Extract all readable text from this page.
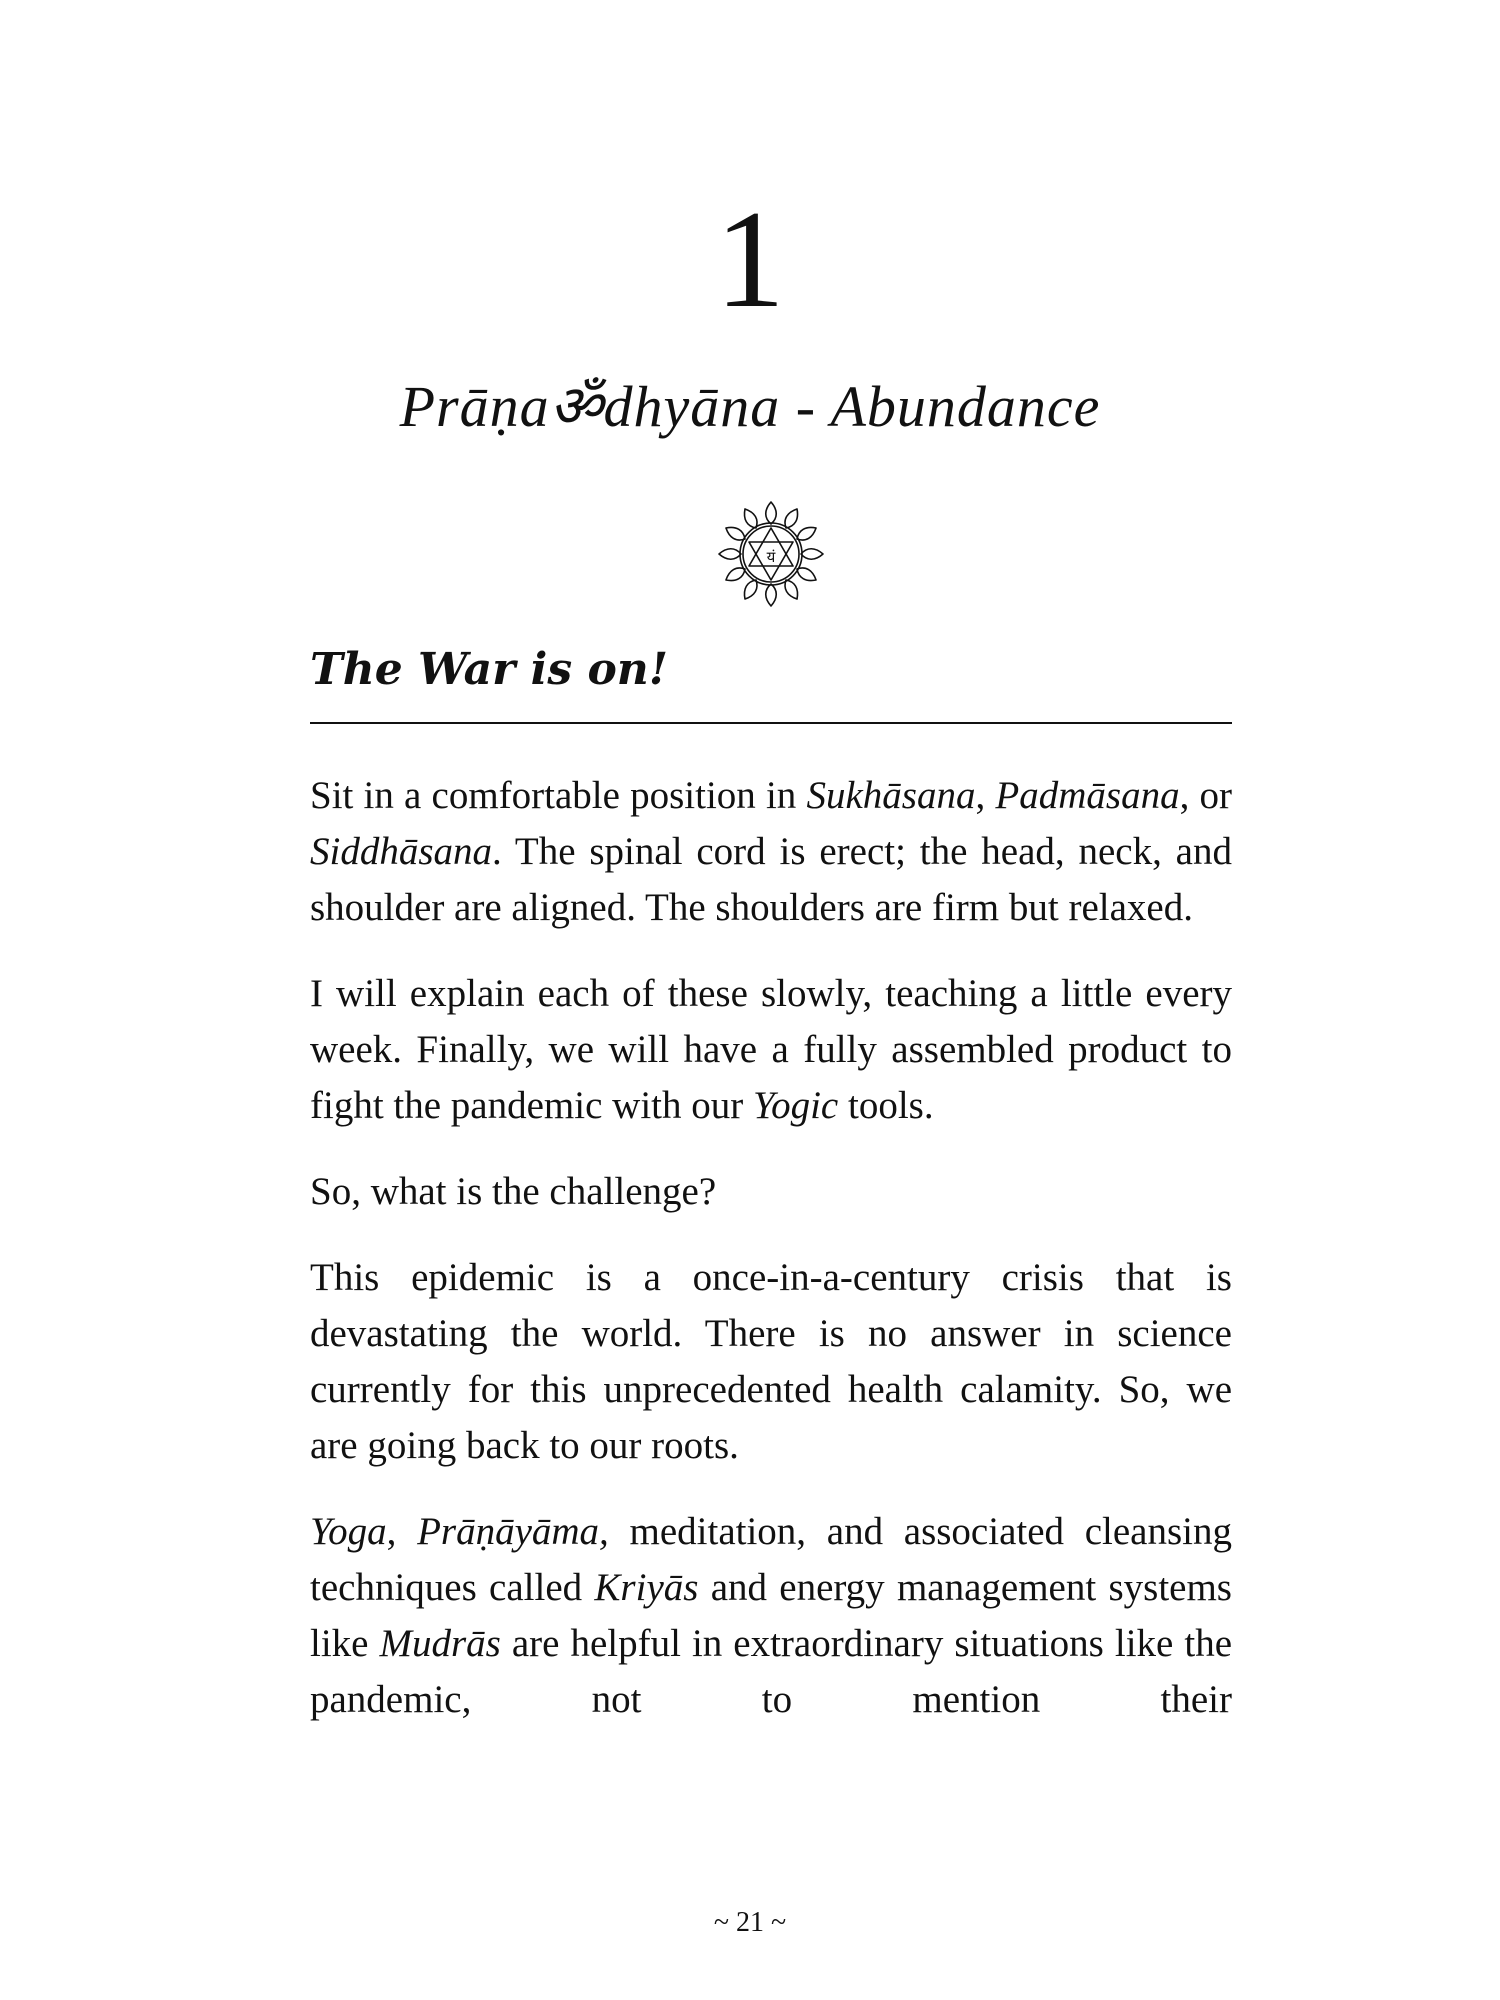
1
Prāṇaॐdhyāna - Abundance
यं
The War is on!

Sit in a comfortable position in Sukhāsana, Padmāsana, or Siddhāsana. The spinal cord is erect; the head, neck, and shoulder are aligned. The shoulders are firm but relaxed.

I will explain each of these slowly, teaching a little every week. Finally, we will have a fully assembled product to fight the pandemic with our Yogic tools.

So, what is the challenge?

This epidemic is a once-in-a-century crisis that is devastating the world. There is no answer in science currently for this unprecedented health calamity. So, we are going back to our roots.

Yoga, Prāṇāyāma, meditation, and associated cleansing techniques called Kriyās and energy management systems like Mudrās are helpful in extraordinary situations like the pandemic, not to mention their

~ 21 ~
